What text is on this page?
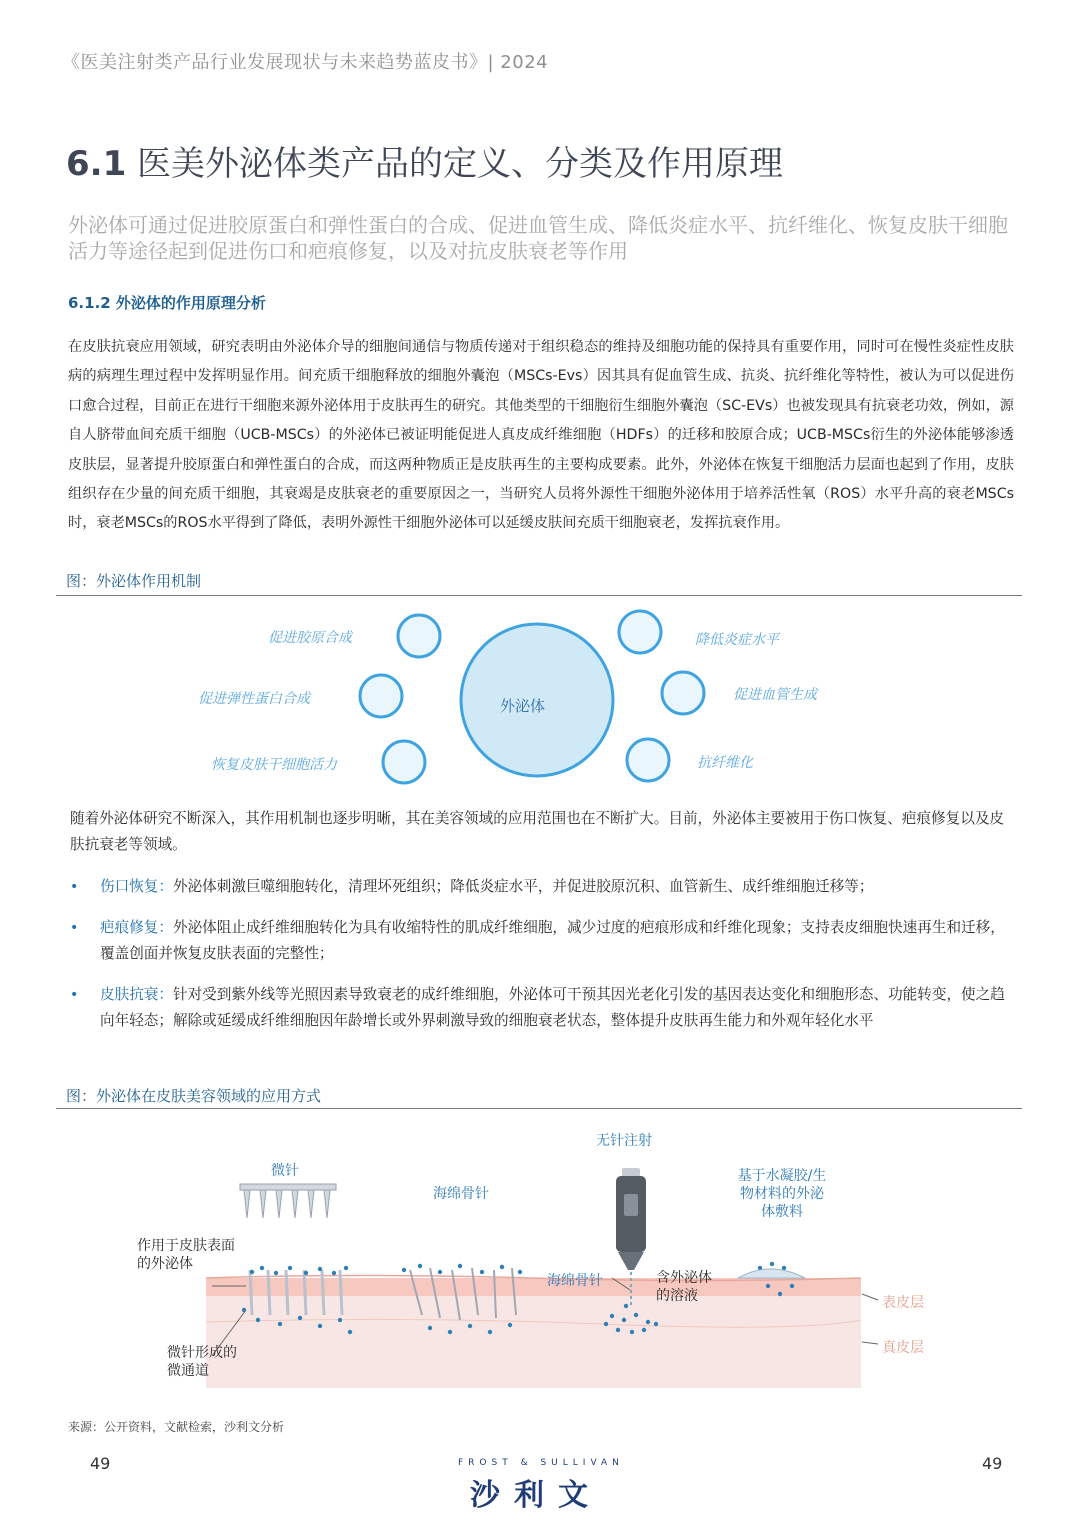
《医美注射类产品行业发展现状与未来趋势蓝皮书》| 2024
6.1 医美外泌体类产品的定义、分类及作用原理
外泌体可通过促进胶原蛋白和弹性蛋白的合成、促进血管生成、降低炎症水平、抗纤维化、恢复皮肤干细胞活力等途径起到促进伤口和疤痕修复，以及对抗皮肤衰老等作用
6.1.2 外泌体的作用原理分析
在皮肤抗衰应用领域，研究表明由外泌体介导的细胞间通信与物质传递对于组织稳态的维持及细胞功能的保持具有重要作用，同时可在慢性炎症性皮肤病的病理生理过程中发挥明显作用。间充质干细胞释放的细胞外囊泡（MSCs-Evs）因其具有促血管生成、抗炎、抗纤维化等特性，被认为可以促进伤口愈合过程，目前正在进行干细胞来源外泌体用于皮肤再生的研究。其他类型的干细胞衍生细胞外囊泡（SC-EVs）也被发现具有抗衰老功效，例如，源自人脐带血间充质干细胞（UCB-MSCs）的外泌体已被证明能促进人真皮成纤维细胞（HDFs）的迁移和胶原合成；UCB-MSCs衍生的外泌体能够渗透皮肤层，显著提升胶原蛋白和弹性蛋白的合成，而这两种物质正是皮肤再生的主要构成要素。此外，外泌体在恢复干细胞活力层面也起到了作用，皮肤组织存在少量的间充质干细胞，其衰竭是皮肤衰老的重要原因之一，当研究人员将外源性干细胞外泌体用于培养活性氧（ROS）水平升高的衰老MSCs时，衰老MSCs的ROS水平得到了降低，表明外源性干细胞外泌体可以延缓皮肤间充质干细胞衰老，发挥抗衰作用。
图：外泌体作用机制
外泌体
促进胶原合成
促进弹性蛋白合成
恢复皮肤干细胞活力
降低炎症水平
促进血管生成
抗纤维化
随着外泌体研究不断深入，其作用机制也逐步明晰，其在美容领域的应用范围也在不断扩大。目前，外泌体主要被用于伤口恢复、疤痕修复以及皮肤抗衰老等领域。
• 伤口恢复：外泌体刺激巨噬细胞转化，清理坏死组织；降低炎症水平，并促进胶原沉积、血管新生、成纤维细胞迁移等；
• 疤痕修复：外泌体阻止成纤维细胞转化为具有收缩特性的肌成纤维细胞，减少过度的疤痕形成和纤维化现象；支持表皮细胞快速再生和迁移，覆盖创面并恢复皮肤表面的完整性；
• 皮肤抗衰：针对受到紫外线等光照因素导致衰老的成纤维细胞，外泌体可干预其因光老化引发的基因表达变化和细胞形态、功能转变，使之趋向年轻态；解除或延缓成纤维细胞因年龄增长或外界刺激导致的细胞衰老状态，整体提升皮肤再生能力和外观年轻化水平
图：外泌体在皮肤美容领域的应用方式
微针
海绵骨针
无针注射
基于水凝胶/生物材料的外泌体敷料
作用于皮肤表面的外泌体
微针形成的微通道
海绵骨针	含外泌体的溶液	表皮层
真皮层
来源：公开资料，文献检索，沙利文分析
49	49
FROST & SULLIVAN
沙利文
